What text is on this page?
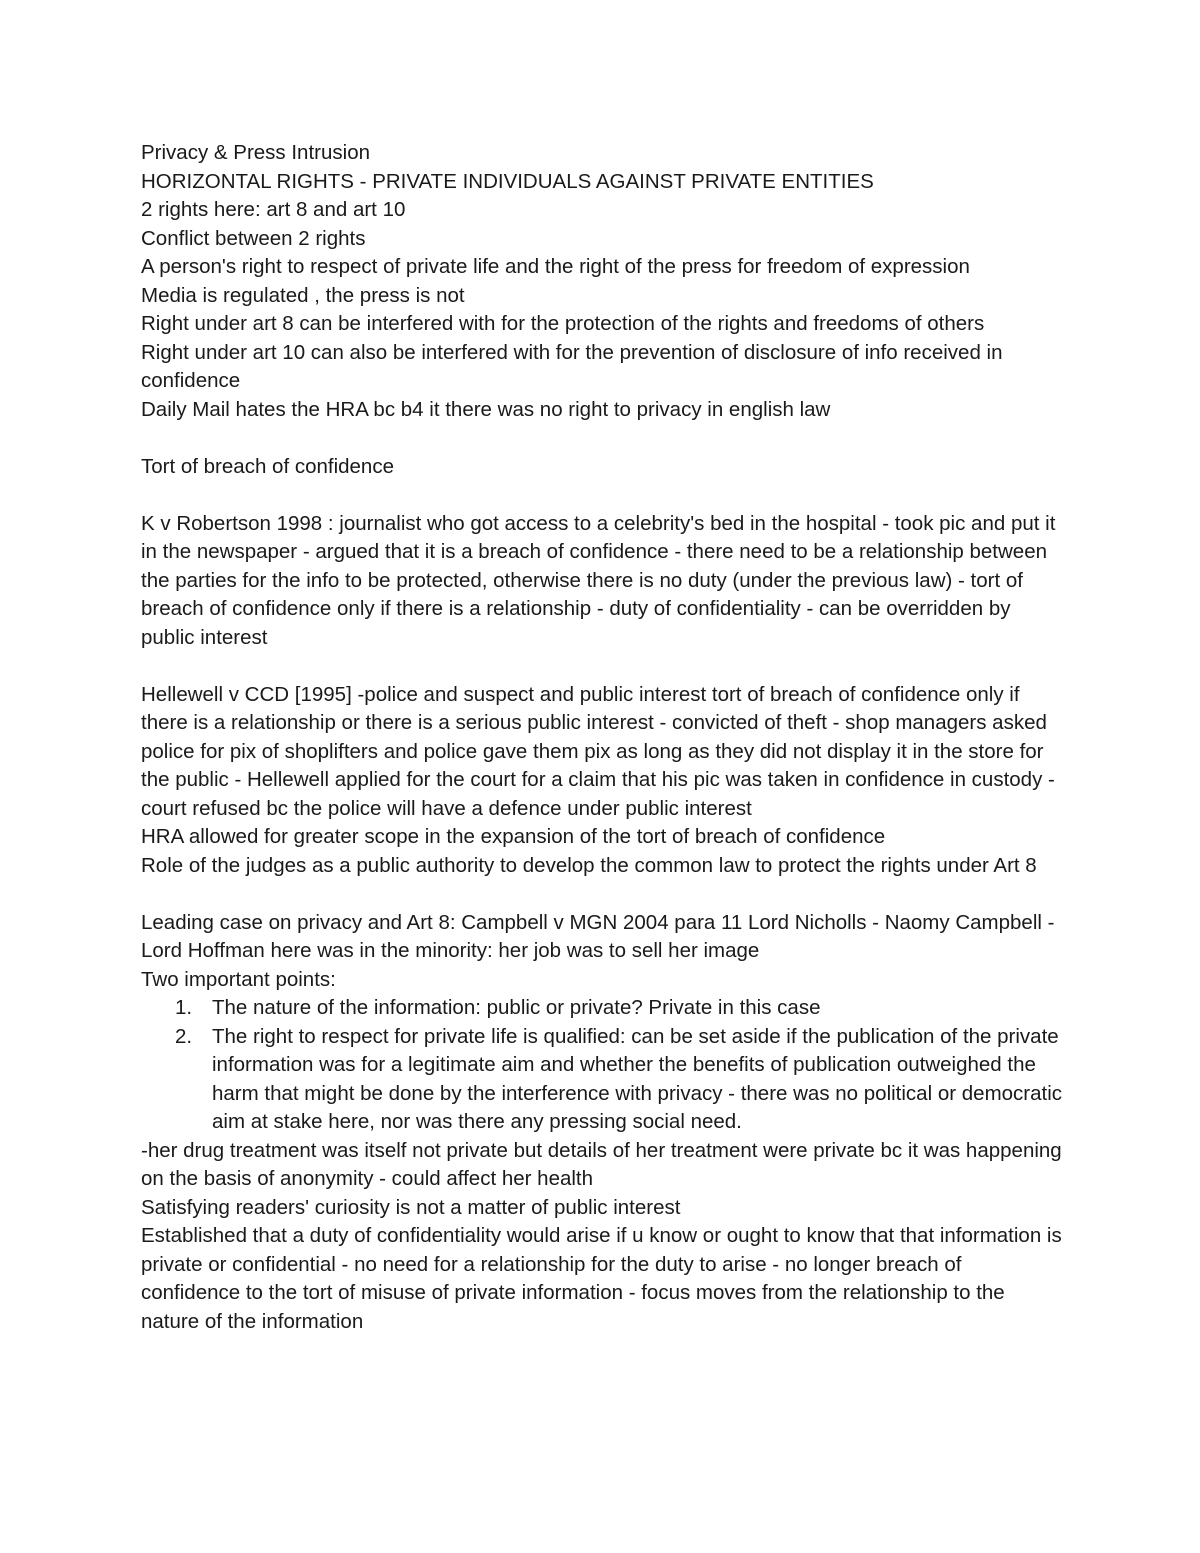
Privacy & Press Intrusion

HORIZONTAL RIGHTS - PRIVATE INDIVIDUALS AGAINST PRIVATE ENTITIES

2 rights here: art 8 and art 10

Conflict between 2 rights

A person's right to respect of private life and the right of the press for freedom of expression

Media is regulated , the press is not

Right under art 8 can be interfered with for the protection of the rights and freedoms of others

Right under art 10 can also be interfered with for the prevention of disclosure of info received in confidence

Daily Mail hates the HRA bc b4 it there was no right to privacy in english law

Tort of breach of confidence

K v Robertson 1998 : journalist who got access to a celebrity's bed in the hospital - took pic and put it in the newspaper - argued that it is a breach of confidence - there need to be a relationship between the parties for the info to be protected, otherwise there is no duty (under the previous law) - tort of breach of confidence only if there is a relationship - duty of confidentiality - can be overridden by public interest

Hellewell v CCD [1995] -police and suspect and public interest tort of breach of confidence only if there is a relationship or there is a serious public interest - convicted of theft - shop managers asked police for pix of shoplifters and police gave them pix as long as they did not display it in the store for the public - Hellewell applied for the court for a claim that his pic was taken in confidence in custody - court refused bc the police will have a defence under public interest

HRA allowed for greater scope in the expansion of the tort of breach of confidence

Role of the judges as a public authority to develop the common law to protect the rights under Art 8

Leading case on privacy and Art 8: Campbell v MGN 2004 para 11 Lord Nicholls - Naomy Campbell - Lord Hoffman here was in the minority: her job was to sell her image

Two important points:

1. The nature of the information: public or private? Private in this case
2. The right to respect for private life is qualified: can be set aside if the publication of the private information was for a legitimate aim and whether the benefits of publication outweighed the harm that might be done by the interference with privacy - there was no political or democratic aim at stake here, nor was there any pressing social need.

-her drug treatment was itself not private but details of her treatment were private bc it was happening on the basis of anonymity - could affect her health

Satisfying readers' curiosity is not a matter of public interest

Established that a duty of confidentiality would arise if u know or ought to know that that information is private or confidential - no need for a relationship for the duty to arise - no longer breach of confidence to the tort of misuse of private information - focus moves from the relationship to the nature of the information
